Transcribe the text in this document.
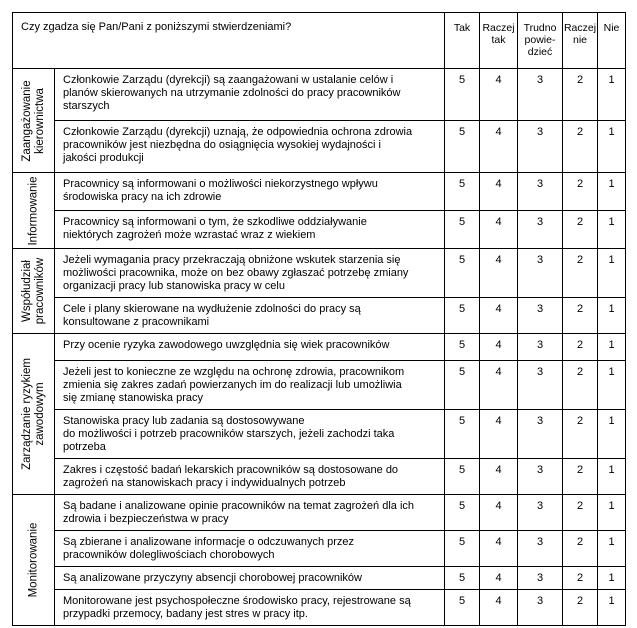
Czy zgadza się Pan/Pani z poniższymi stwierdzeniami?		Tak	Raczej
tak	Trudno
powie-
dzieć	Raczej
nie	Nie

Zaangażowanie
kierownictwa	Członkowie Zarządu (dyrekcji) są zaangażowani w ustalanie celów i
planów skierowanych na utrzymanie zdolności do pracy pracowników
starszych	5	4	3	2	1
	Członkowie Zarządu (dyrekcji) uznają, że odpowiednia ochrona zdrowia
pracowników jest niezbędna do osiągnięcia wysokiej wydajności i
jakości produkcji	5	4	3	2	1

Informowanie	Pracownicy są informowani o możliwości niekorzystnego wpływu
środowiska pracy na ich zdrowie	5	4	3	2	1
	Pracownicy są informowani o tym, że szkodliwe oddziaływanie
niektórych zagrożeń może wzrastać wraz z wiekiem	5	4	3	2	1

Współudział
pracowników	Jeżeli wymagania pracy przekraczają obniżone wskutek starzenia się
możliwości pracownika, może on bez obawy zgłaszać potrzebę zmiany
organizacji pracy lub stanowiska pracy w celu	5	4	3	2	1
	Cele i plany skierowane na wydłużenie zdolności do pracy są
konsultowane z pracownikami	5	4	3	2	1

Zarządzanie ryzykiem
zawodowym	Przy ocenie ryzyka zawodowego uwzględnia się wiek pracowników	5	4	3	2	1
	Jeżeli jest to konieczne ze względu na ochronę zdrowia, pracownikom
zmienia się zakres zadań powierzanych im do realizacji lub umożliwia
się zmianę stanowiska pracy	5	4	3	2	1
	Stanowiska pracy lub zadania są dostosowywane
do możliwości i potrzeb pracowników starszych, jeżeli zachodzi taka
potrzeba	5	4	3	2	1
	Zakres i częstość badań lekarskich pracowników są dostosowane do
zagrożeń na stanowiskach pracy i indywidualnych potrzeb	5	4	3	2	1

Monitorowanie	Są badane i analizowane opinie pracowników na temat zagrożeń dla ich
zdrowia i bezpieczeństwa w pracy	5	4	3	2	1
	Są zbierane i analizowane informacje o odczuwanych przez
pracowników dolegliwościach chorobowych	5	4	3	2	1
	Są analizowane przyczyny absencji chorobowej pracowników	5	4	3	2	1
	Monitorowane jest psychospołeczne środowisko pracy, rejestrowane są
przypadki przemocy, badany jest stres w pracy itp.	5	4	3	2	1
